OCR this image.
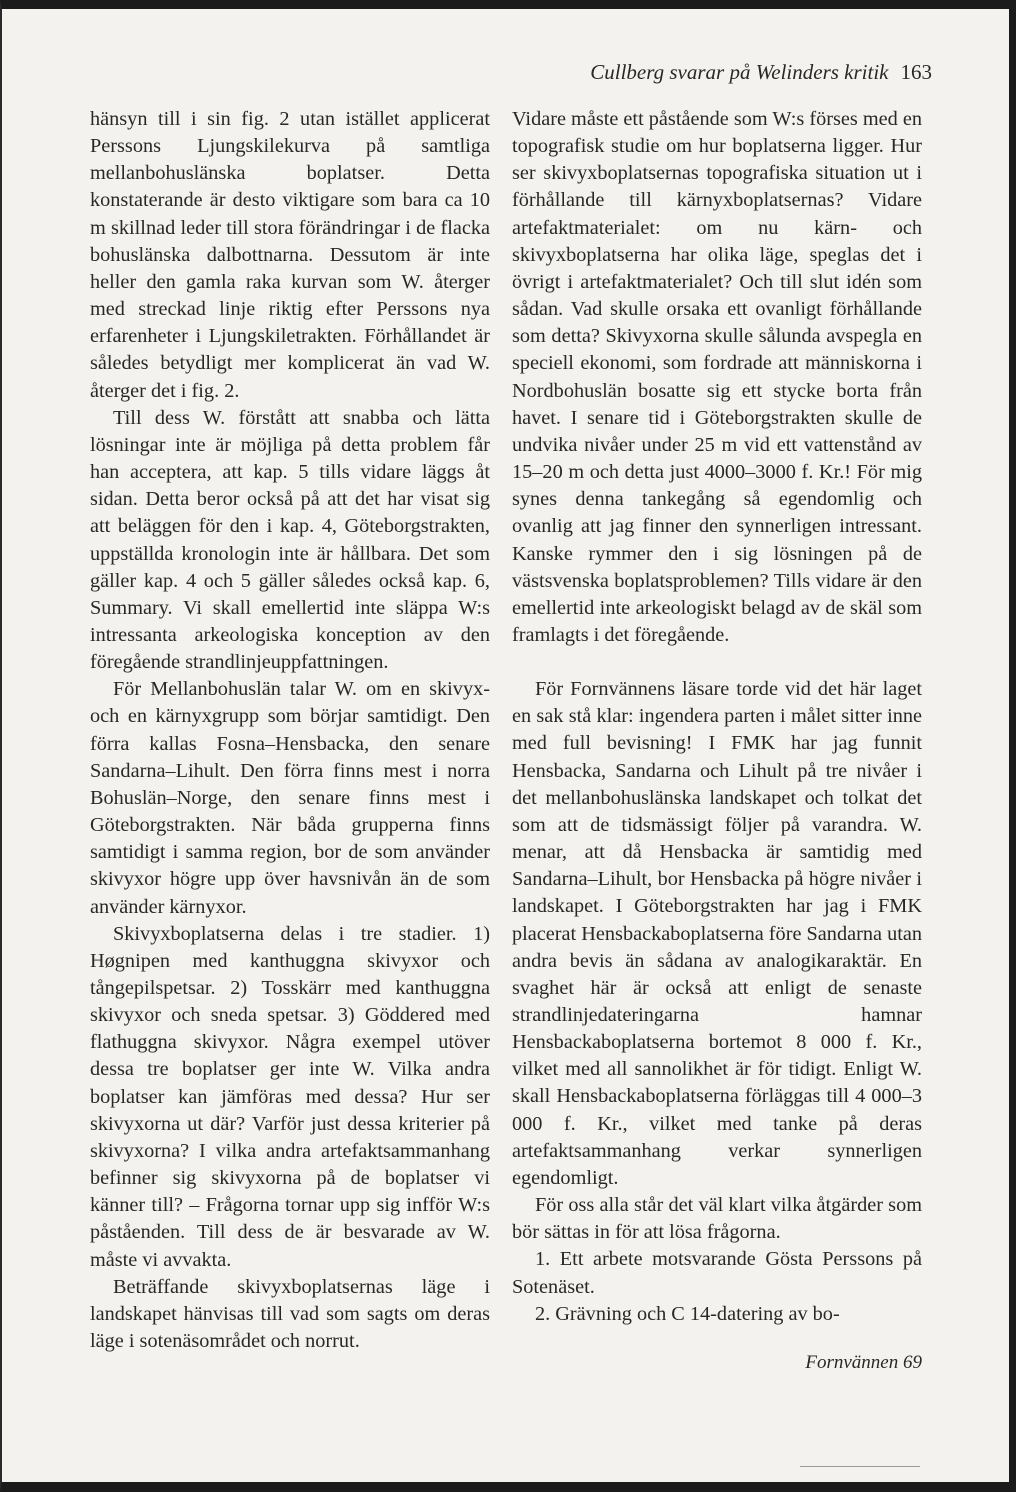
Cullberg svarar på Welinders kritik 163

hänsyn till i sin fig. 2 utan istället applicerat Perssons Ljungskilekurva på samtliga mellanbohuslänska boplatser. Detta konstaterande är desto viktigare som bara ca 10 m skillnad leder till stora förändringar i de flacka bohuslänska dalbottnarna. Dessutom är inte heller den gamla raka kurvan som W. återger med streckad linje riktig efter Perssons nya erfarenheter i Ljungskiletrakten. Förhållandet är således betydligt mer komplicerat än vad W. återger det i fig. 2.

Till dess W. förstått att snabba och lätta lösningar inte är möjliga på detta problem får han acceptera, att kap. 5 tills vidare läggs åt sidan. Detta beror också på att det har visat sig att beläggen för den i kap. 4, Göteborgstrakten, uppställda kronologin inte är hållbara. Det som gäller kap. 4 och 5 gäller således också kap. 6, Summary. Vi skall emellertid inte släppa W:s intressanta arkeologiska konception av den föregående strandlinjeuppfattningen.

För Mellanbohuslän talar W. om en skivyx- och en kärnyxgrupp som börjar samtidigt. Den förra kallas Fosna–Hensbacka, den senare Sandarna–Lihult. Den förra finns mest i norra Bohuslän–Norge, den senare finns mest i Göteborgstrakten. När båda grupperna finns samtidigt i samma region, bor de som använder skivyxor högre upp över havsnivån än de som använder kärnyxor.

Skivyxboplatserna delas i tre stadier. 1) Høgnipen med kanthuggna skivyxor och tångepilspetsar. 2) Tosskärr med kanthuggna skivyxor och sneda spetsar. 3) Göddered med flathuggna skivyxor. Några exempel utöver dessa tre boplatser ger inte W. Vilka andra boplatser kan jämföras med dessa? Hur ser skivyxorna ut där? Varför just dessa kriterier på skivyxorna? I vilka andra artefaktsammanhang befinner sig skivyxorna på de boplatser vi känner till? – Frågorna tornar upp sig infför W:s påståenden. Till dess de är besvarade av W. måste vi avvakta.

Beträffande skivyxboplatsernas läge i landskapet hänvisas till vad som sagts om deras läge i sotenäsområdet och norrut.

Vidare måste ett påstående som W:s förses med en topografisk studie om hur boplatserna ligger. Hur ser skivyxboplatsernas topografiska situation ut i förhållande till kärnyxboplatsernas? Vidare artefaktmaterialet: om nu kärn- och skivyxboplatserna har olika läge, speglas det i övrigt i artefaktmaterialet? Och till slut idén som sådan. Vad skulle orsaka ett ovanligt förhållande som detta? Skivyxorna skulle sålunda avspegla en speciell ekonomi, som fordrade att människorna i Nordbohuslän bosatte sig ett stycke borta från havet. I senare tid i Göteborgstrakten skulle de undvika nivåer under 25 m vid ett vattenstånd av 15–20 m och detta just 4000–3000 f. Kr.! För mig synes denna tankegång så egendomlig och ovanlig att jag finner den synnerligen intressant. Kanske rymmer den i sig lösningen på de västsvenska boplatsproblemen? Tills vidare är den emellertid inte arkeologiskt belagd av de skäl som framlagts i det föregående.

För Fornvännens läsare torde vid det här laget en sak stå klar: ingendera parten i målet sitter inne med full bevisning! I FMK har jag funnit Hensbacka, Sandarna och Lihult på tre nivåer i det mellanbohuslänska landskapet och tolkat det som att de tidsmässigt följer på varandra. W. menar, att då Hensbacka är samtidig med Sandarna–Lihult, bor Hensbacka på högre nivåer i landskapet. I Göteborgstrakten har jag i FMK placerat Hensbackaboplatserna före Sandarna utan andra bevis än sådana av analogikaraktär. En svaghet här är också att enligt de senaste strandlinjedateringarna hamnar Hensbackaboplatserna bortemot 8 000 f. Kr., vilket med all sannolikhet är för tidigt. Enligt W. skall Hensbackaboplatserna förläggas till 4 000–3 000 f. Kr., vilket med tanke på deras artefaktsammanhang verkar synnerligen egendomligt.

För oss alla står det väl klart vilka åtgärder som bör sättas in för att lösa frågorna.

1. Ett arbete motsvarande Gösta Perssons på Sotenäset.

2. Grävning och C 14-datering av bo-

Fornvännen 69
